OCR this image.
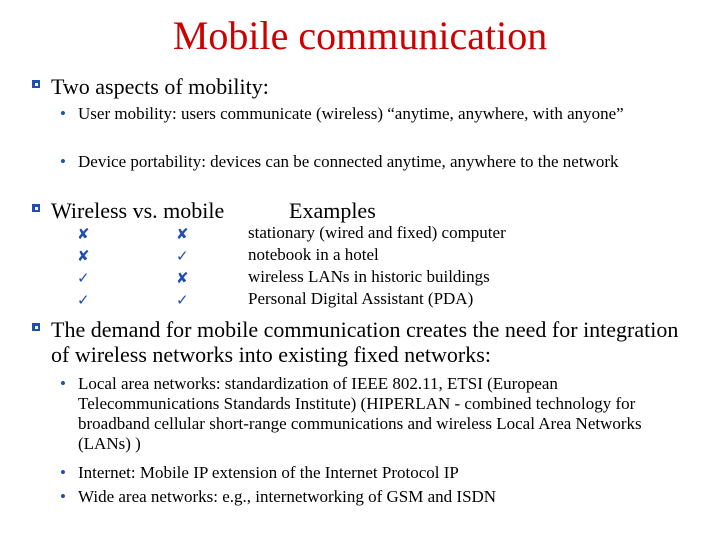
Mobile communication
Two aspects of mobility:
• User mobility: users communicate (wireless) “anytime, anywhere, with anyone”
• Device portability: devices can be connected anytime, anywhere to the network
Wireless vs. mobile	Examples
✘	✘	stationary (wired and fixed) computer
✘	✓	notebook in a hotel
✓	✘	wireless LANs in historic buildings
✓	✓	Personal Digital Assistant (PDA)
The demand for mobile communication creates the need for integration of wireless networks into existing fixed networks:
• Local area networks: standardization of IEEE 802.11, ETSI (European Telecommunications Standards Institute) (HIPERLAN - combined technology for broadband cellular short-range communications and wireless Local Area Networks (LANs) )
• Internet: Mobile IP extension of the Internet Protocol IP
• Wide area networks: e.g., internetworking of GSM and ISDN
